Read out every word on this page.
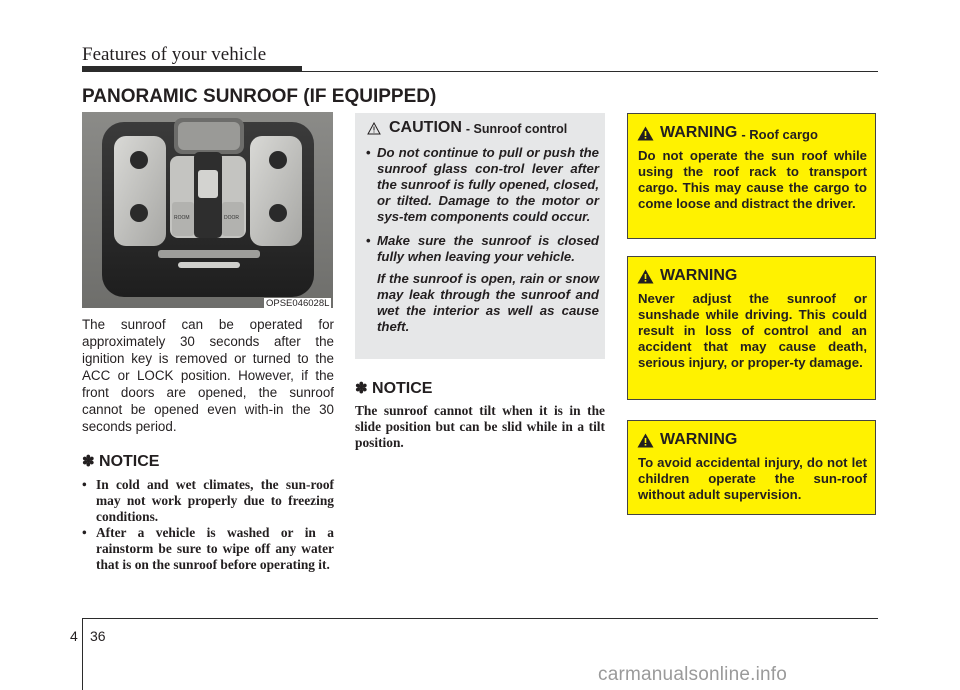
Features of your vehicle
PANORAMIC SUNROOF (IF EQUIPPED)
ROOM	DOOR
OPSE046028L
The sunroof can be operated for approximately 30 seconds after the ignition key is removed or turned to the ACC or LOCK position. However, if the front doors are opened, the sunroof cannot be opened even with-in the 30 seconds period.
✽ NOTICE
• In cold and wet climates, the sun-roof may not work properly due to freezing conditions.
• After a vehicle is washed or in a rainstorm be sure to wipe off any water that is on the sunroof before operating it.
CAUTION - Sunroof control
• Do not continue to pull or push the sunroof glass con-trol lever after the sunroof is fully opened, closed, or tilted. Damage to the motor or sys-tem components could occur.
• Make sure the sunroof is closed fully when leaving your vehicle.
If the sunroof is open, rain or snow may leak through the sunroof and wet the interior as well as cause theft.
✽ NOTICE
The sunroof cannot tilt when it is in the slide position but can be slid while in a tilt position.
WARNING - Roof cargo
Do not operate the sun roof while using the roof rack to transport cargo. This may cause the cargo to come loose and distract the driver.
WARNING
Never adjust the sunroof or sunshade while driving. This could result in loss of control and an accident that may cause death, serious injury, or proper-ty damage.
WARNING
To avoid accidental injury, do not let children operate the sun-roof without adult supervision.
4 36
carmanualsonline.info
